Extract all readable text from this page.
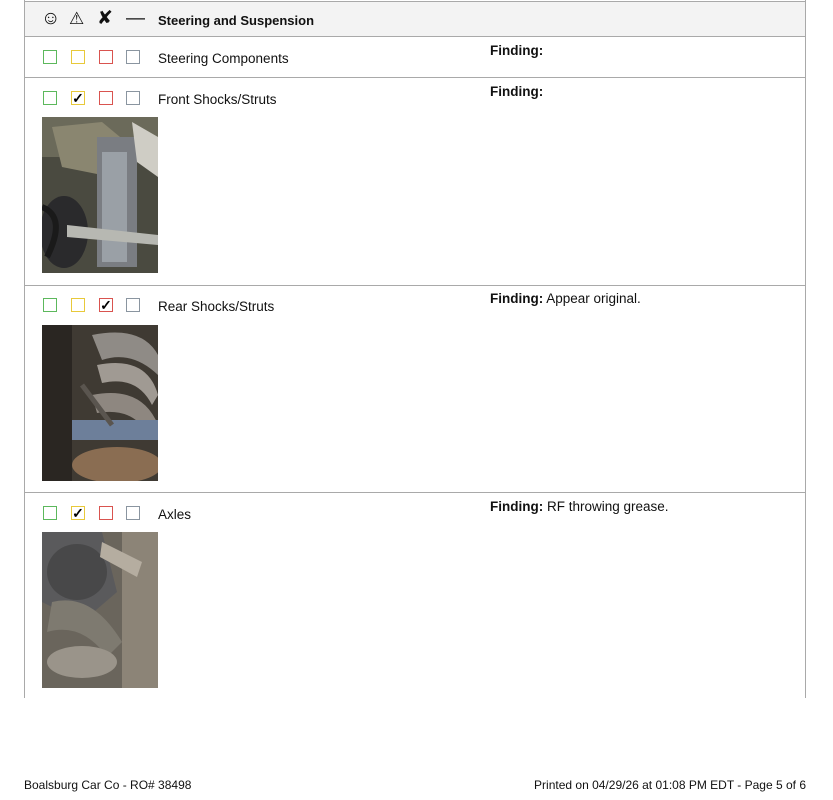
☺ ⚠ ✘ — Steering and Suspension
Steering Components
Finding:
✓	Front Shocks/Struts
Finding:
✓	Rear Shocks/Struts
Finding: Appear original.
✓	Axles
Finding: RF throwing grease.
Boalsburg Car Co - RO# 38498	Printed on 04/29/26 at 01:08 PM EDT - Page 5 of 6
